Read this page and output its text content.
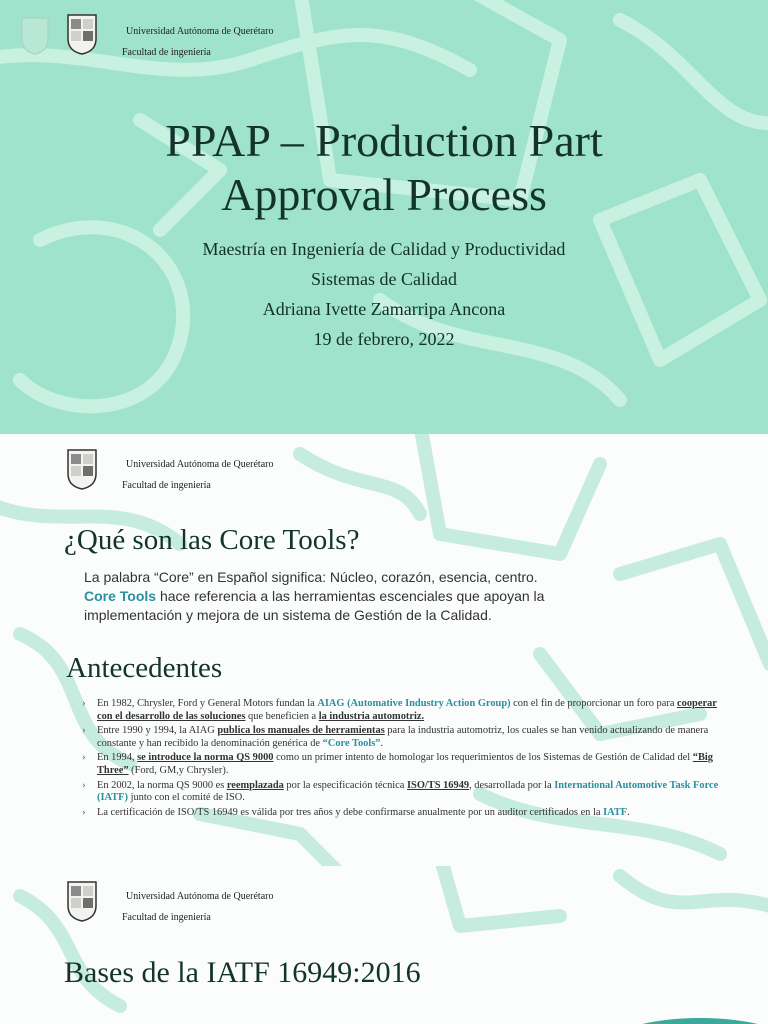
Universidad Autónoma de Querétaro
Facultad de ingeniería
PPAP – Production Part
Approval Process
Maestría en Ingeniería de Calidad y Productividad
Sistemas de Calidad
Adriana Ivette Zamarripa Ancona
19 de febrero, 2022
Universidad Autónoma de Querétaro
Facultad de ingeniería
¿Qué son las Core Tools?

La palabra “Core” en Español significa: Núcleo, corazón, esencia, centro.

Core Tools hace referencia a las herramientas escenciales que apoyan la

implementación y mejora de un sistema de Gestión de la Calidad.

Antecedentes
› En 1982, Chrysler, Ford y General Motors fundan la AIAG (Automative Industry Action Group) con el fin de proporcionar un foro para cooperar con el desarrollo de las soluciones que beneficien a la industria automotriz.
› Entre 1990 y 1994, la AIAG publica los manuales de herramientas para la industria automotriz, los cuales se han venido actualizando de manera constante y han recibido la denominación genérica de “Core Tools”.
› En 1994, se introduce la norma QS 9000 como un primer intento de homologar los requerimientos de los Sistemas de Gestión de Calidad del “Big Three” (Ford, GM,y Chrysler).
› En 2002, la norma QS 9000 es reemplazada por la especificación técnica ISO/TS 16949, desarrollada por la International Automotive Task Force (IATF) junto con el comité de ISO.
› La certificación de ISO/TS 16949 es válida por tres años y debe confirmarse anualmente por un auditor certificados en la IATF.
Universidad Autónoma de Querétaro
Facultad de ingeniería
Bases de la IATF 16949:2016
